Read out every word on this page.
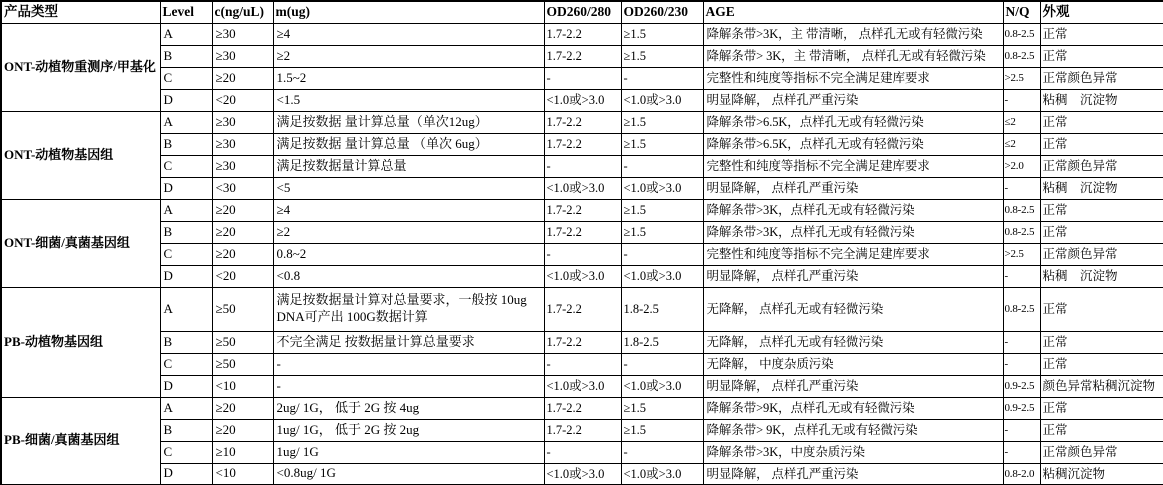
产品类型	Level	c(ng/uL)	m(ug)	OD260/280	OD260/230	AGE	N/Q	外观
ONT-动植物重测序/甲基化	A	≥30	≥4	1.7-2.2	≥1.5	降解条带>3K，主 带清晰， 点样孔无或有轻微污染	0.8-2.5	正常
	B	≥30	≥2	1.7-2.2	≥1.5	降解条带> 3K，主 带清晰， 点样孔无或有轻微污染	0.8-2.5	正常
	C	≥20	1.5~2	-	-	完整性和纯度等指标不完全满足建库要求	>2.5	正常颜色异常
	D	<20	<1.5	<1.0或>3.0	<1.0或>3.0	明显降解， 点样孔严重污染	-	粘稠　沉淀物
ONT-动植物基因组	A	≥30	满足按数据 量计算总量（单次12ug）	1.7-2.2	≥1.5	降解条带>6.5K，点样孔无或有轻微污染	≤2	正常
	B	≥30	满足按数据 量计算总量 （单次 6ug）	1.7-2.2	≥1.5	降解条带>6.5K，点样孔无或有轻微污染	≤2	正常
	C	≥30	满足按数据量计算总量	-	-	完整性和纯度等指标不完全满足建库要求	>2.0	正常颜色异常
	D	<30	<5	<1.0或>3.0	<1.0或>3.0	明显降解， 点样孔严重污染	-	粘稠　沉淀物
ONT-细菌/真菌基因组	A	≥20	≥4	1.7-2.2	≥1.5	降解条带>3K，点样孔无或有轻微污染	0.8-2.5	正常
	B	≥20	≥2	1.7-2.2	≥1.5	降解条带>3K，点样孔无或有轻微污染	0.8-2.5	正常
	C	≥20	0.8~2	-	-	完整性和纯度等指标不完全满足建库要求	>2.5	正常颜色异常
	D	<20	<0.8	<1.0或>3.0	<1.0或>3.0	明显降解， 点样孔严重污染	-	粘稠　沉淀物
PB-动植物基因组	A	≥50	满足按数据量计算对总量要求，一般按 10ug DNA可产出 100G数据计算	1.7-2.2	1.8-2.5	无降解， 点样孔无或有轻微污染	0.8-2.5	正常
	B	≥50	不完全满足 按数据量计算总量要求	1.7-2.2	1.8-2.5	无降解， 点样孔无或有轻微污染	-	正常
	C	≥50	-	-	-	无降解， 中度杂质污染	-	正常
	D	<10	-	<1.0或>3.0	<1.0或>3.0	明显降解， 点样孔严重污染	0.9-2.5	颜色异常粘稠沉淀物
PB-细菌/真菌基因组	A	≥20	2ug/ 1G， 低于 2G 按 4ug	1.7-2.2	≥1.5	降解条带>9K，点样孔无或有轻微污染	0.9-2.5	正常
	B	≥20	1ug/ 1G， 低于 2G 按 2ug	1.7-2.2	≥1.5	降解条带> 9K，点样孔无或有轻微污染	-	正常
	C	≥10	1ug/ 1G	-	-	降解条带>3K，中度杂质污染	-	正常颜色异常
	D	<10	<0.8ug/ 1G	<1.0或>3.0	<1.0或>3.0	明显降解， 点样孔严重污染	0.8-2.0	粘稠沉淀物
